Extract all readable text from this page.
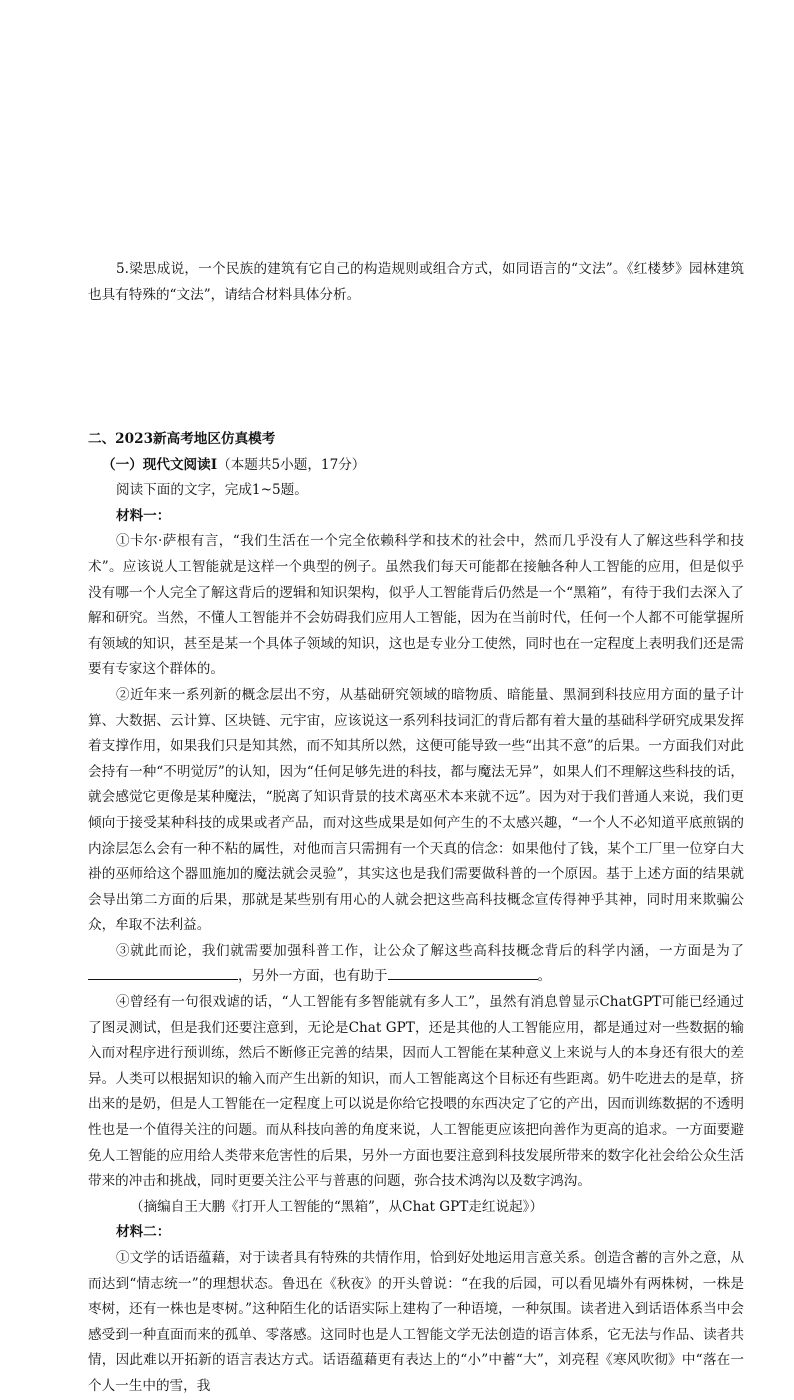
5.梁思成说，一个民族的建筑有它自己的构造规则或组合方式，如同语言的“文法”。《红楼梦》园林建筑也具有特殊的“文法”，请结合材料具体分析。

二、2023新高考地区仿真模考

（一）现代文阅读Ⅰ（本题共5小题，17分）

阅读下面的文字，完成1~5题。

材料一：

①卡尔·萨根有言，“我们生活在一个完全依赖科学和技术的社会中，然而几乎没有人了解这些科学和技术”。应该说人工智能就是这样一个典型的例子。虽然我们每天可能都在接触各种人工智能的应用，但是似乎没有哪一个人完全了解这背后的逻辑和知识架构，似乎人工智能背后仍然是一个“黑箱”，有待于我们去深入了解和研究。当然，不懂人工智能并不会妨碍我们应用人工智能，因为在当前时代，任何一个人都不可能掌握所有领域的知识，甚至是某一个具体子领域的知识，这也是专业分工使然，同时也在一定程度上表明我们还是需要有专家这个群体的。

②近年来一系列新的概念层出不穷，从基础研究领域的暗物质、暗能量、黑洞到科技应用方面的量子计算、大数据、云计算、区块链、元宇宙，应该说这一系列科技词汇的背后都有着大量的基础科学研究成果发挥着支撑作用，如果我们只是知其然，而不知其所以然，这便可能导致一些“出其不意”的后果。一方面我们对此会持有一种“不明觉厉”的认知，因为“任何足够先进的科技，都与魔法无异”，如果人们不理解这些科技的话，就会感觉它更像是某种魔法，“脱离了知识背景的技术离巫术本来就不远”。因为对于我们普通人来说，我们更倾向于接受某种科技的成果或者产品，而对这些成果是如何产生的不太感兴趣，“一个人不必知道平底煎锅的内涂层怎么会有一种不粘的属性，对他而言只需拥有一个天真的信念：如果他付了钱，某个工厂里一位穿白大褂的巫师给这个器皿施加的魔法就会灵验”，其实这也是我们需要做科普的一个原因。基于上述方面的结果就会导出第二方面的后果，那就是某些别有用心的人就会把这些高科技概念宣传得神乎其神，同时用来欺骗公众，牟取不法利益。

③就此而论，我们就需要加强科普工作，让公众了解这些高科技概念背后的科学内涵，一方面是为了，另外一方面，也有助于	。

④曾经有一句很戏谑的话，“人工智能有多智能就有多人工”，虽然有消息曾显示ChatGPT可能已经通过了图灵测试，但是我们还要注意到，无论是Chat GPT，还是其他的人工智能应用，都是通过对一些数据的输入而对程序进行预训练，然后不断修正完善的结果，因而人工智能在某种意义上来说与人的本身还有很大的差异。人类可以根据知识的输入而产生出新的知识，而人工智能离这个目标还有些距离。奶牛吃进去的是草，挤出来的是奶，但是人工智能在一定程度上可以说是你给它投喂的东西决定了它的产出，因而训练数据的不透明性也是一个值得关注的问题。而从科技向善的角度来说，人工智能更应该把向善作为更高的追求。一方面要避免人工智能的应用给人类带来危害性的后果，另外一方面也要注意到科技发展所带来的数字化社会给公众生活带来的冲击和挑战，同时更要关注公平与普惠的问题，弥合技术鸿沟以及数字鸿沟。

（摘编自王大鹏《打开人工智能的“黑箱”，从Chat GPT走红说起》）

材料二：

①文学的话语蕴藉，对于读者具有特殊的共情作用，恰到好处地运用言意关系。创造含蓄的言外之意，从而达到“情志统一”的理想状态。鲁迅在《秋夜》的开头曾说：“在我的后园，可以看见墙外有两株树，一株是枣树，还有一株也是枣树。”这种陌生化的话语实际上建构了一种语境，一种氛围。读者进入到话语体系当中会感受到一种直面而来的孤单、零落感。这同时也是人工智能文学无法创造的语言体系，它无法与作品、读者共情，因此难以开拓新的语言表达方式。话语蕴藉更有表达上的“小”中蓄“大”，刘亮程《寒风吹彻》中“落在一个人一生中的雪，我
